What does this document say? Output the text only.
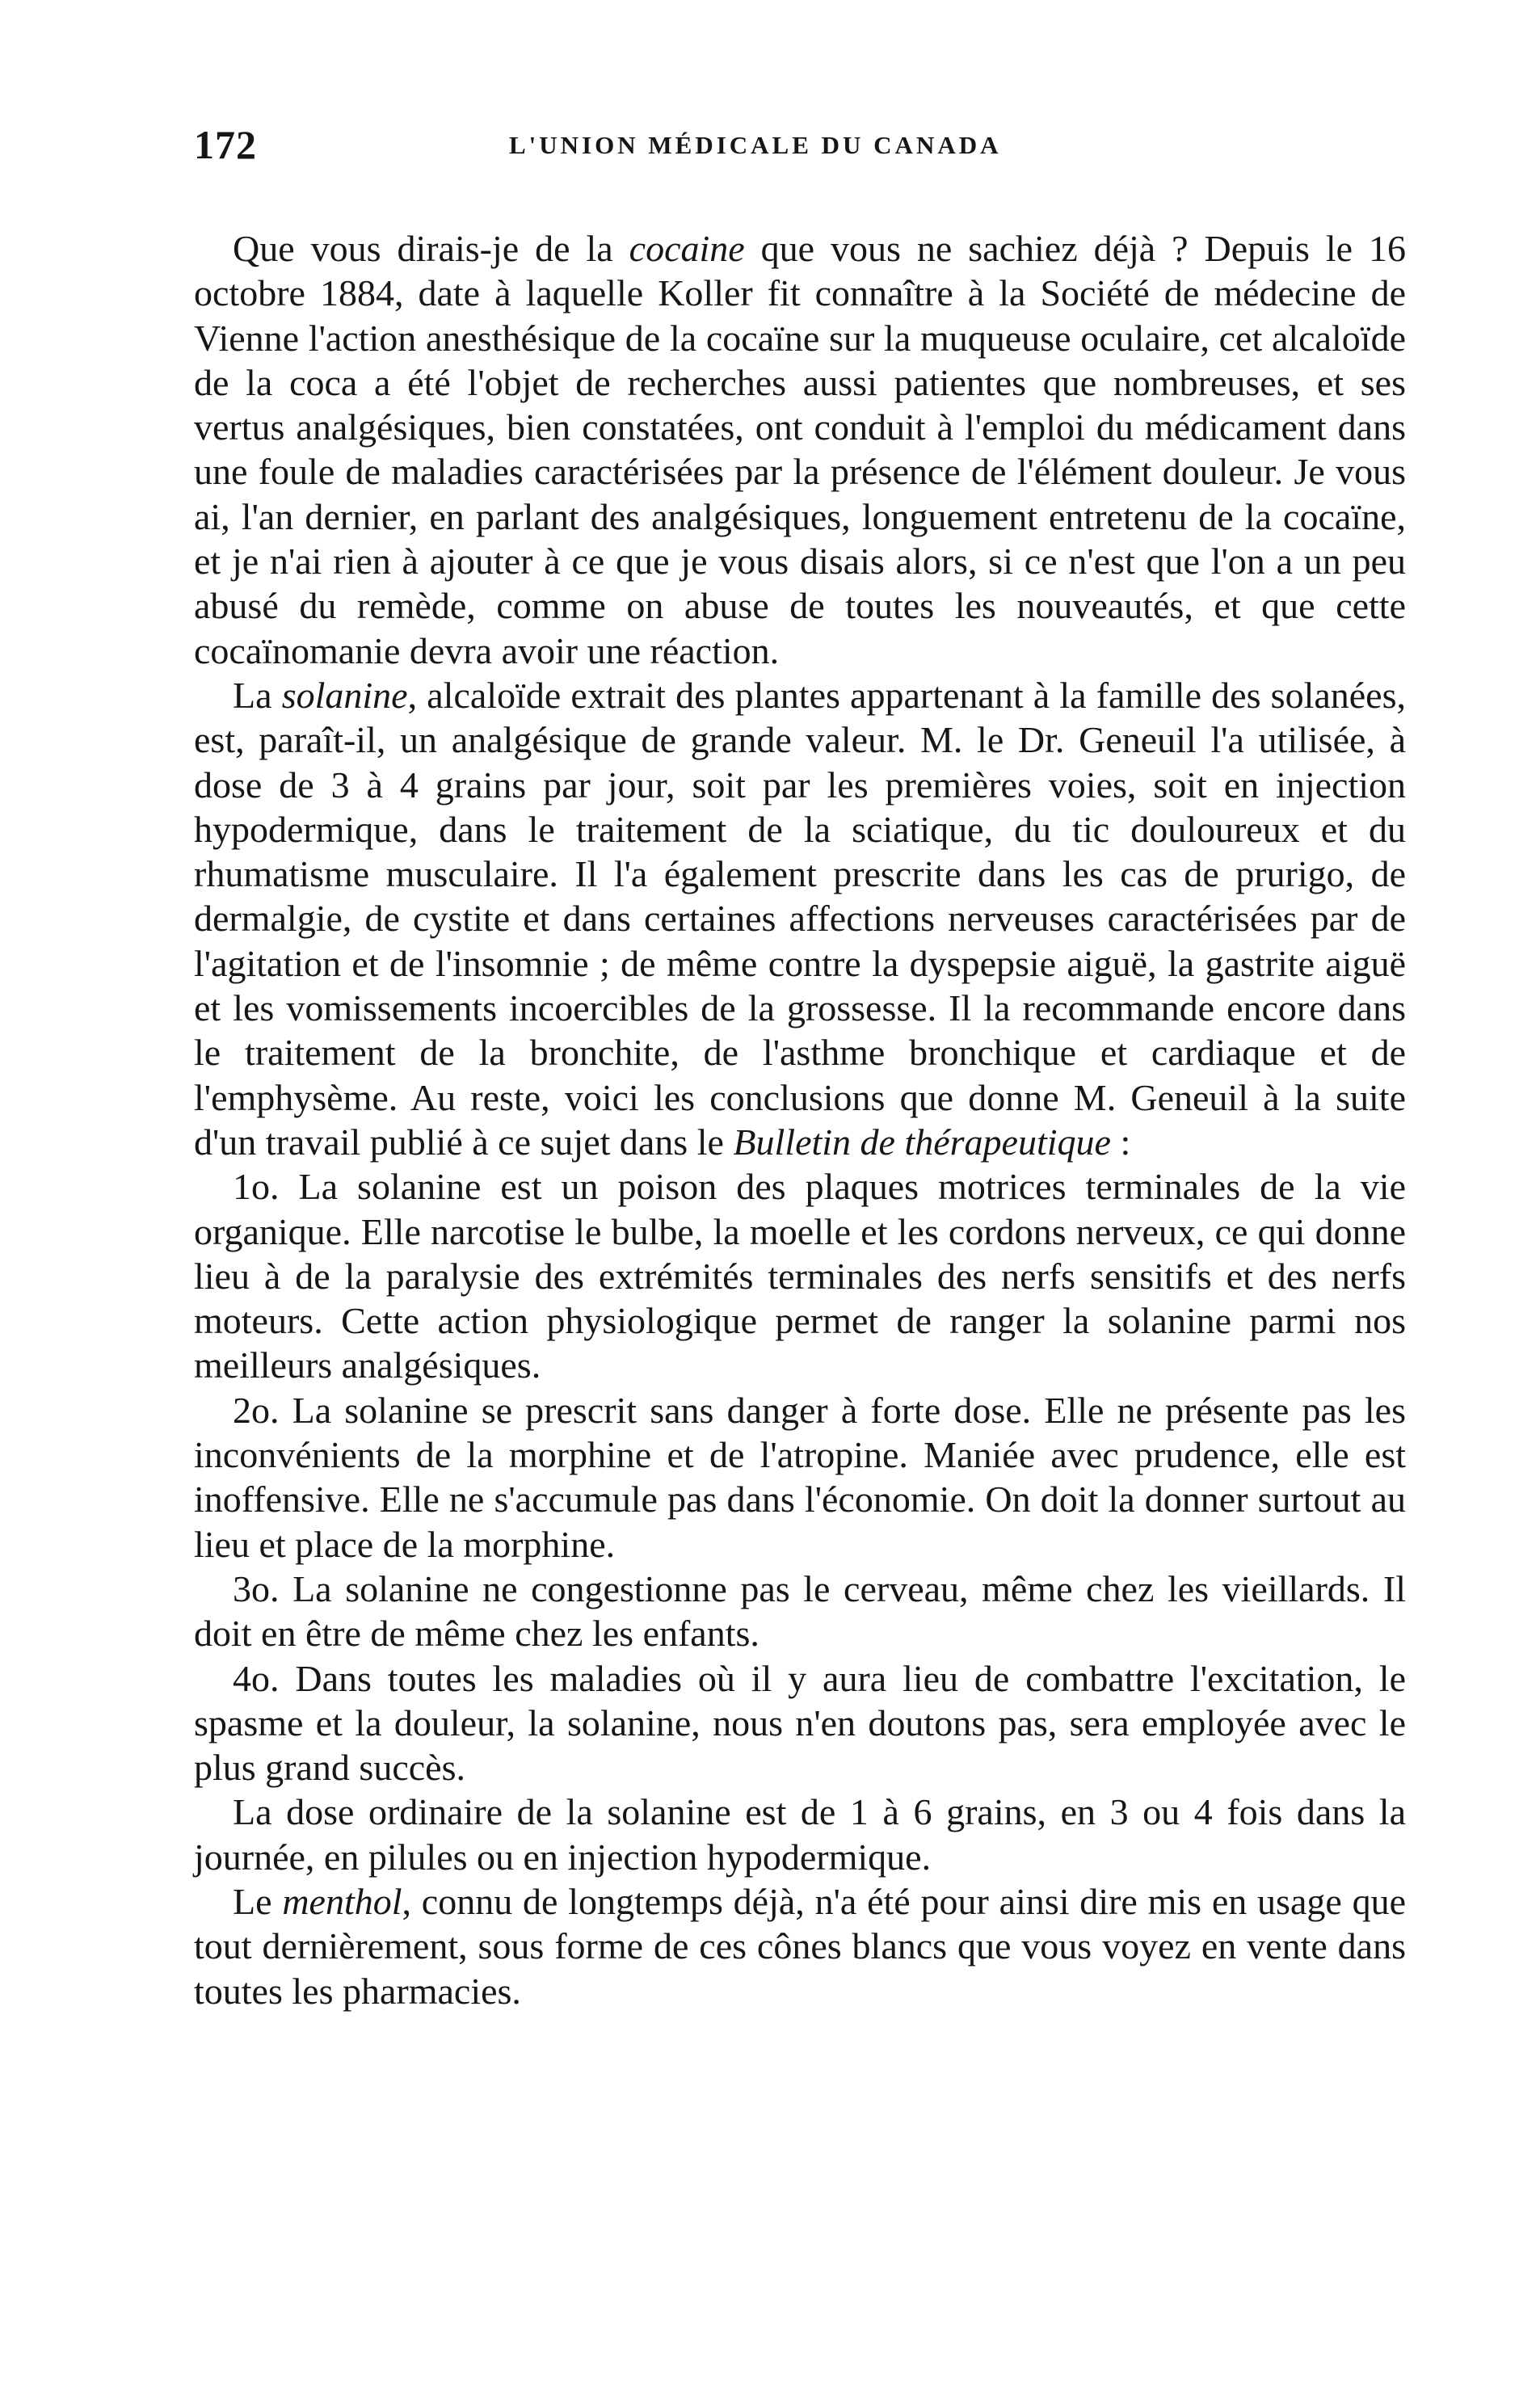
172	L'UNION MÉDICALE DU CANADA

Que vous dirais-je de la cocaine que vous ne sachiez déjà ? Depuis le 16 octobre 1884, date à laquelle Koller fit connaître à la Société de médecine de Vienne l'action anesthésique de la cocaïne sur la muqueuse oculaire, cet alcaloïde de la coca a été l'objet de recherches aussi patientes que nombreuses, et ses vertus analgésiques, bien constatées, ont conduit à l'emploi du médicament dans une foule de maladies caractérisées par la présence de l'élément douleur. Je vous ai, l'an dernier, en parlant des analgésiques, longuement entretenu de la cocaïne, et je n'ai rien à ajouter à ce que je vous disais alors, si ce n'est que l'on a un peu abusé du remède, comme on abuse de toutes les nouveautés, et que cette cocaïnomanie devra avoir une réaction.

La solanine, alcaloïde extrait des plantes appartenant à la famille des solanées, est, paraît-il, un analgésique de grande valeur. M. le Dr. Geneuil l'a utilisée, à dose de 3 à 4 grains par jour, soit par les premières voies, soit en injection hypodermique, dans le traitement de la sciatique, du tic douloureux et du rhumatisme musculaire. Il l'a également prescrite dans les cas de prurigo, de dermalgie, de cystite et dans certaines affections nerveuses caractérisées par de l'agitation et de l'insomnie ; de même contre la dyspepsie aiguë, la gastrite aiguë et les vomissements incoercibles de la grossesse. Il la recommande encore dans le traitement de la bronchite, de l'asthme bronchique et cardiaque et de l'emphysème. Au reste, voici les conclusions que donne M. Geneuil à la suite d'un travail publié à ce sujet dans le Bulletin de thérapeutique :

1o. La solanine est un poison des plaques motrices terminales de la vie organique. Elle narcotise le bulbe, la moelle et les cordons nerveux, ce qui donne lieu à de la paralysie des extrémités terminales des nerfs sensitifs et des nerfs moteurs. Cette action physiologique permet de ranger la solanine parmi nos meilleurs analgésiques.

2o. La solanine se prescrit sans danger à forte dose. Elle ne présente pas les inconvénients de la morphine et de l'atropine. Maniée avec prudence, elle est inoffensive. Elle ne s'accumule pas dans l'économie. On doit la donner surtout au lieu et place de la morphine.

3o. La solanine ne congestionne pas le cerveau, même chez les vieillards. Il doit en être de même chez les enfants.

4o. Dans toutes les maladies où il y aura lieu de combattre l'excitation, le spasme et la douleur, la solanine, nous n'en doutons pas, sera employée avec le plus grand succès.

La dose ordinaire de la solanine est de 1 à 6 grains, en 3 ou 4 fois dans la journée, en pilules ou en injection hypodermique.

Le menthol, connu de longtemps déjà, n'a été pour ainsi dire mis en usage que tout dernièrement, sous forme de ces cônes blancs que vous voyez en vente dans toutes les pharmacies.
